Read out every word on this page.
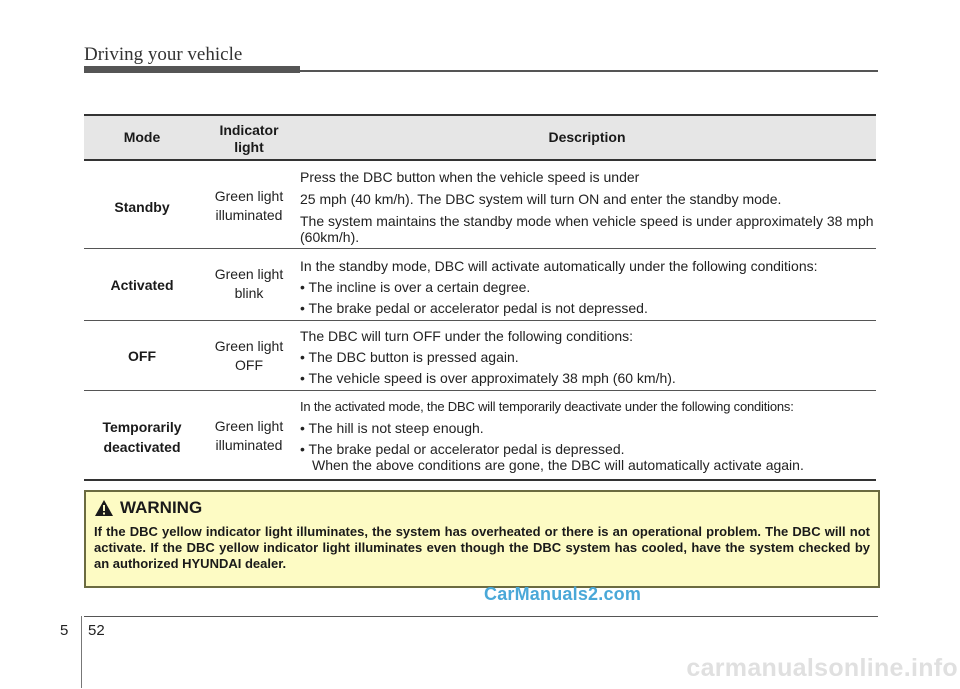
Driving your vehicle
Mode	Indicator light
Description
Standby
Green light illuminated

Press the DBC button when the vehicle speed is under

25 mph (40 km/h). The DBC system will turn ON and enter the standby mode.

The system maintains the standby mode when vehicle speed is under approximately 38 mph (60km/h).

Activated
Green light blink

In the standby mode, DBC will activate automatically under the following conditions:

• The incline is over a certain degree.

• The brake pedal or accelerator pedal is not depressed.

OFF
Green light OFF

The DBC will turn OFF under the following conditions:

• The DBC button is pressed again.

• The vehicle speed is over approximately 38 mph (60 km/h).

Temporarily deactivated
Green light illuminated

In the activated mode, the DBC will temporarily deactivate under the following conditions:

• The hill is not steep enough.

• The brake pedal or accelerator pedal is depressed.

When the above conditions are gone, the DBC will automatically activate again.

WARNING
If the DBC yellow indicator light illuminates, the system has overheated or there is an operational problem. The DBC will not activate. If the DBC yellow indicator light illuminates even though the DBC system has cooled, have the system checked by an authorized HYUNDAI dealer.
CarManuals2.com
5 52
carmanualsonline.info
